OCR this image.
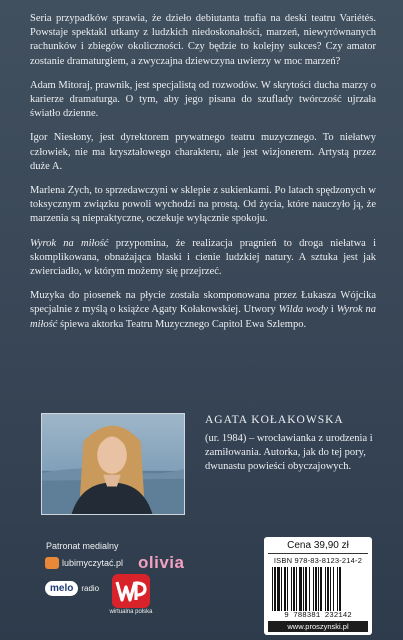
Seria przypadków sprawia, że dzieło debiutanta trafia na deski teatru Variétés. Powstaje spektakl utkany z ludzkich niedoskonałości, marzeń, niewyrównanych rachunków i zbiegów okoliczności. Czy będzie to kolejny sukces? Czy amator zostanie dramaturgiem, a zwyczajna dziewczyna uwierzy w moc marzeń?

Adam Mitoraj, prawnik, jest specjalistą od rozwodów. W skrytości ducha marzy o karierze dramaturga. O tym, aby jego pisana do szuflady twórczość ujrzała światło dzienne.

Igor Niesłony, jest dyrektorem prywatnego teatru muzycznego. To niełatwy człowiek, nie ma kryształowego charakteru, ale jest wizjonerem. Artystą przez duże A.

Marlena Zych, to sprzedawczyni w sklepie z sukienkami. Po latach spędzonych w toksycznym związku powoli wychodzi na prostą. Od życia, które nauczyło ją, że marzenia są niepraktyczne, oczekuje wyłącznie spokoju.

Wyrok na miłość przypomina, że realizacja pragnień to droga niełatwa i skomplikowana, obnażająca blaski i cienie ludzkiej natury. A sztuka jest jak zwierciadło, w którym możemy się przejrzeć.

Muzyka do piosenek na płycie została skomponowana przez Łukasza Wójcika specjalnie z myślą o książce Agaty Kołakowskiej. Utwory Wilda wody i Wyrok na miłość śpiewa aktorka Teatru Muzycznego Capitol Ewa Szlempo.

AGATA KOŁAKOWSKA
(ur. 1984) – wrocławianka z urodzenia i zamiłowania. Autorka, jak do tej pory, dwunastu powieści obyczajowych.
Patronat medialny
lubimyczytać.pl olivia
melo	radio
wirtualna polska
Cena 39,90 zł
ISBN 978-83-8123-214-2
9 788381 232142
www.proszynski.pl
